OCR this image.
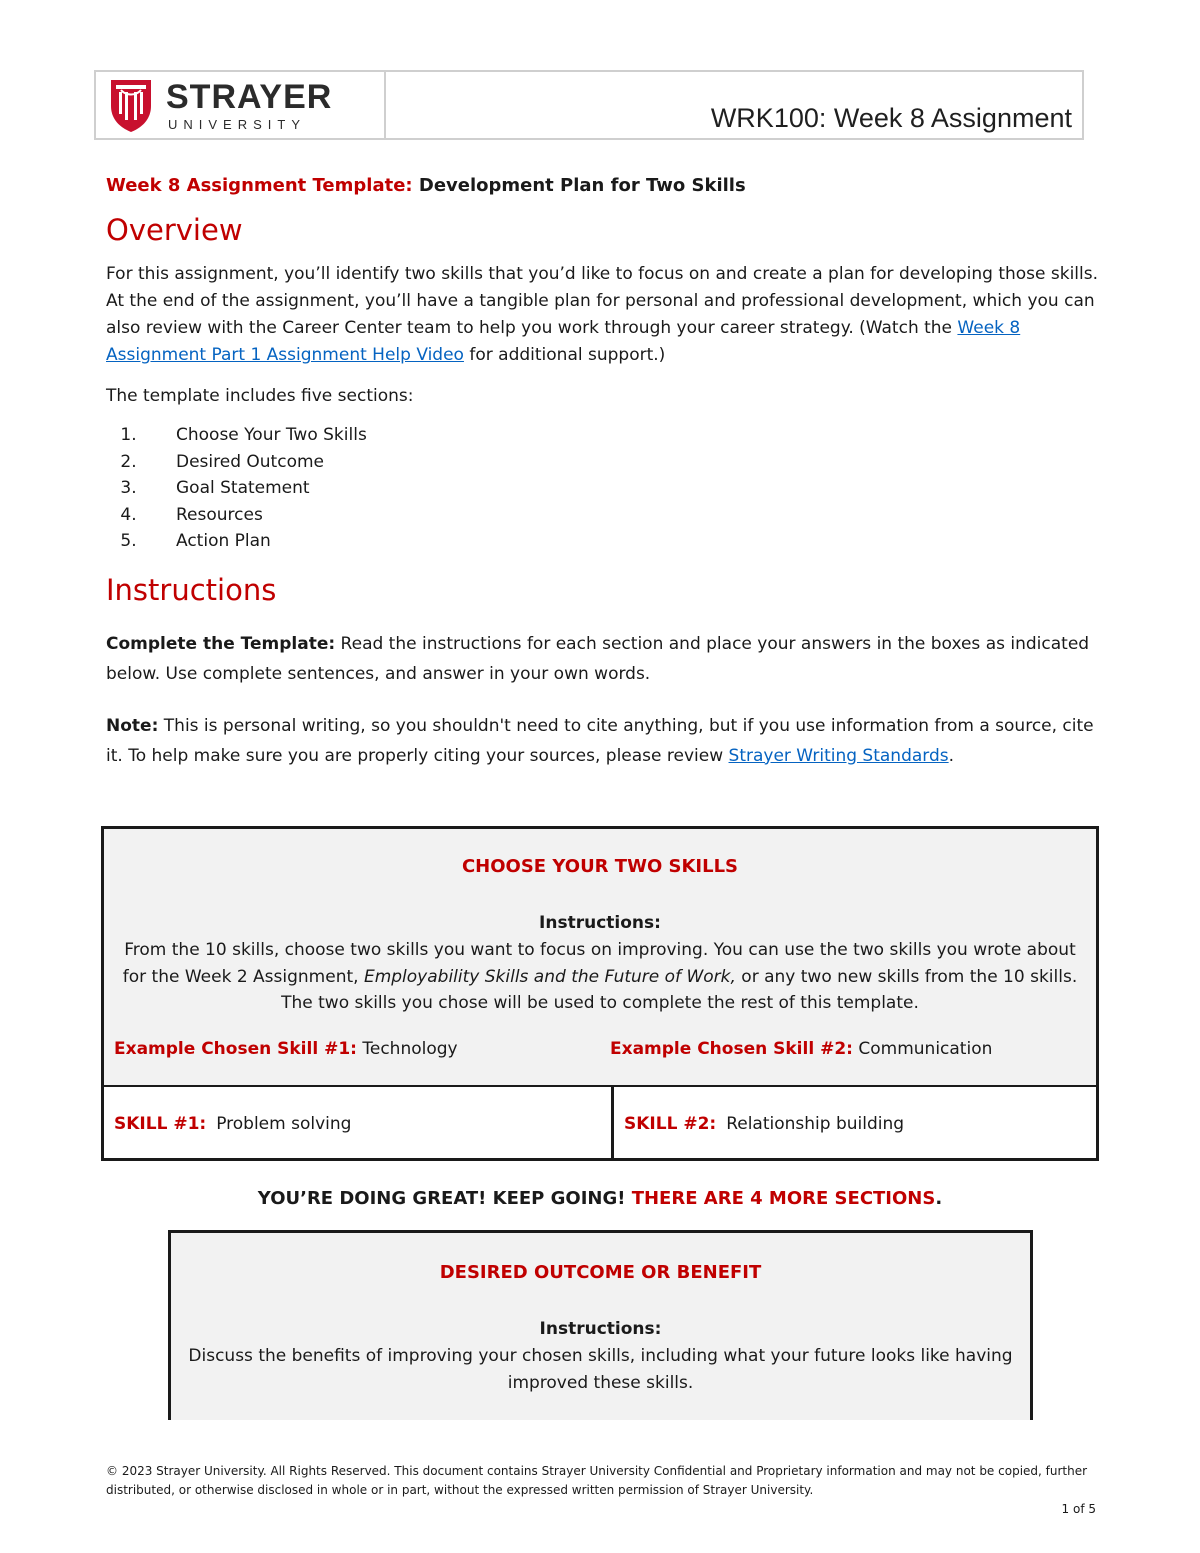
STRAYER
UNIVERSITY	WRK100: Week 8 Assignment

Week 8 Assignment Template: Development Plan for Two Skills

Overview

For this assignment, you’ll identify two skills that you’d like to focus on and create a plan for developing those skills. At the end of the assignment, you’ll have a tangible plan for personal and professional development, which you can also review with the Career Center team to help you work through your career strategy. (Watch the Week 8 Assignment Part 1 Assignment Help Video for additional support.)

The template includes five sections:

1. Choose Your Two Skills
2. Desired Outcome
3. Goal Statement
4. Resources
5. Action Plan
Instructions

Complete the Template: Read the instructions for each section and place your answers in the boxes as indicated below. Use complete sentences, and answer in your own words.

Note: This is personal writing, so you shouldn't need to cite anything, but if you use information from a source, cite it. To help make sure you are properly citing your sources, please review Strayer Writing Standards.

CHOOSE YOUR TWO SKILLS

Instructions:

From the 10 skills, choose two skills you want to focus on improving. You can use the two skills you wrote about for the Week 2 Assignment, Employability Skills and the Future of Work, or any two new skills from the 10 skills. The two skills you chose will be used to complete the rest of this template.

Example Chosen Skill #1: Technology	Example Chosen Skill #2: Communication
SKILL #1: Problem solving	SKILL #2: Relationship building
YOU’RE DOING GREAT! KEEP GOING! THERE ARE 4 MORE SECTIONS.

DESIRED OUTCOME OR BENEFIT

Instructions:

Discuss the benefits of improving your chosen skills, including what your future looks like having improved these skills.

© 2023 Strayer University. All Rights Reserved. This document contains Strayer University Confidential and Proprietary information and may not be copied, further distributed, or otherwise disclosed in whole or in part, without the expressed written permission of Strayer University.
1 of 5
